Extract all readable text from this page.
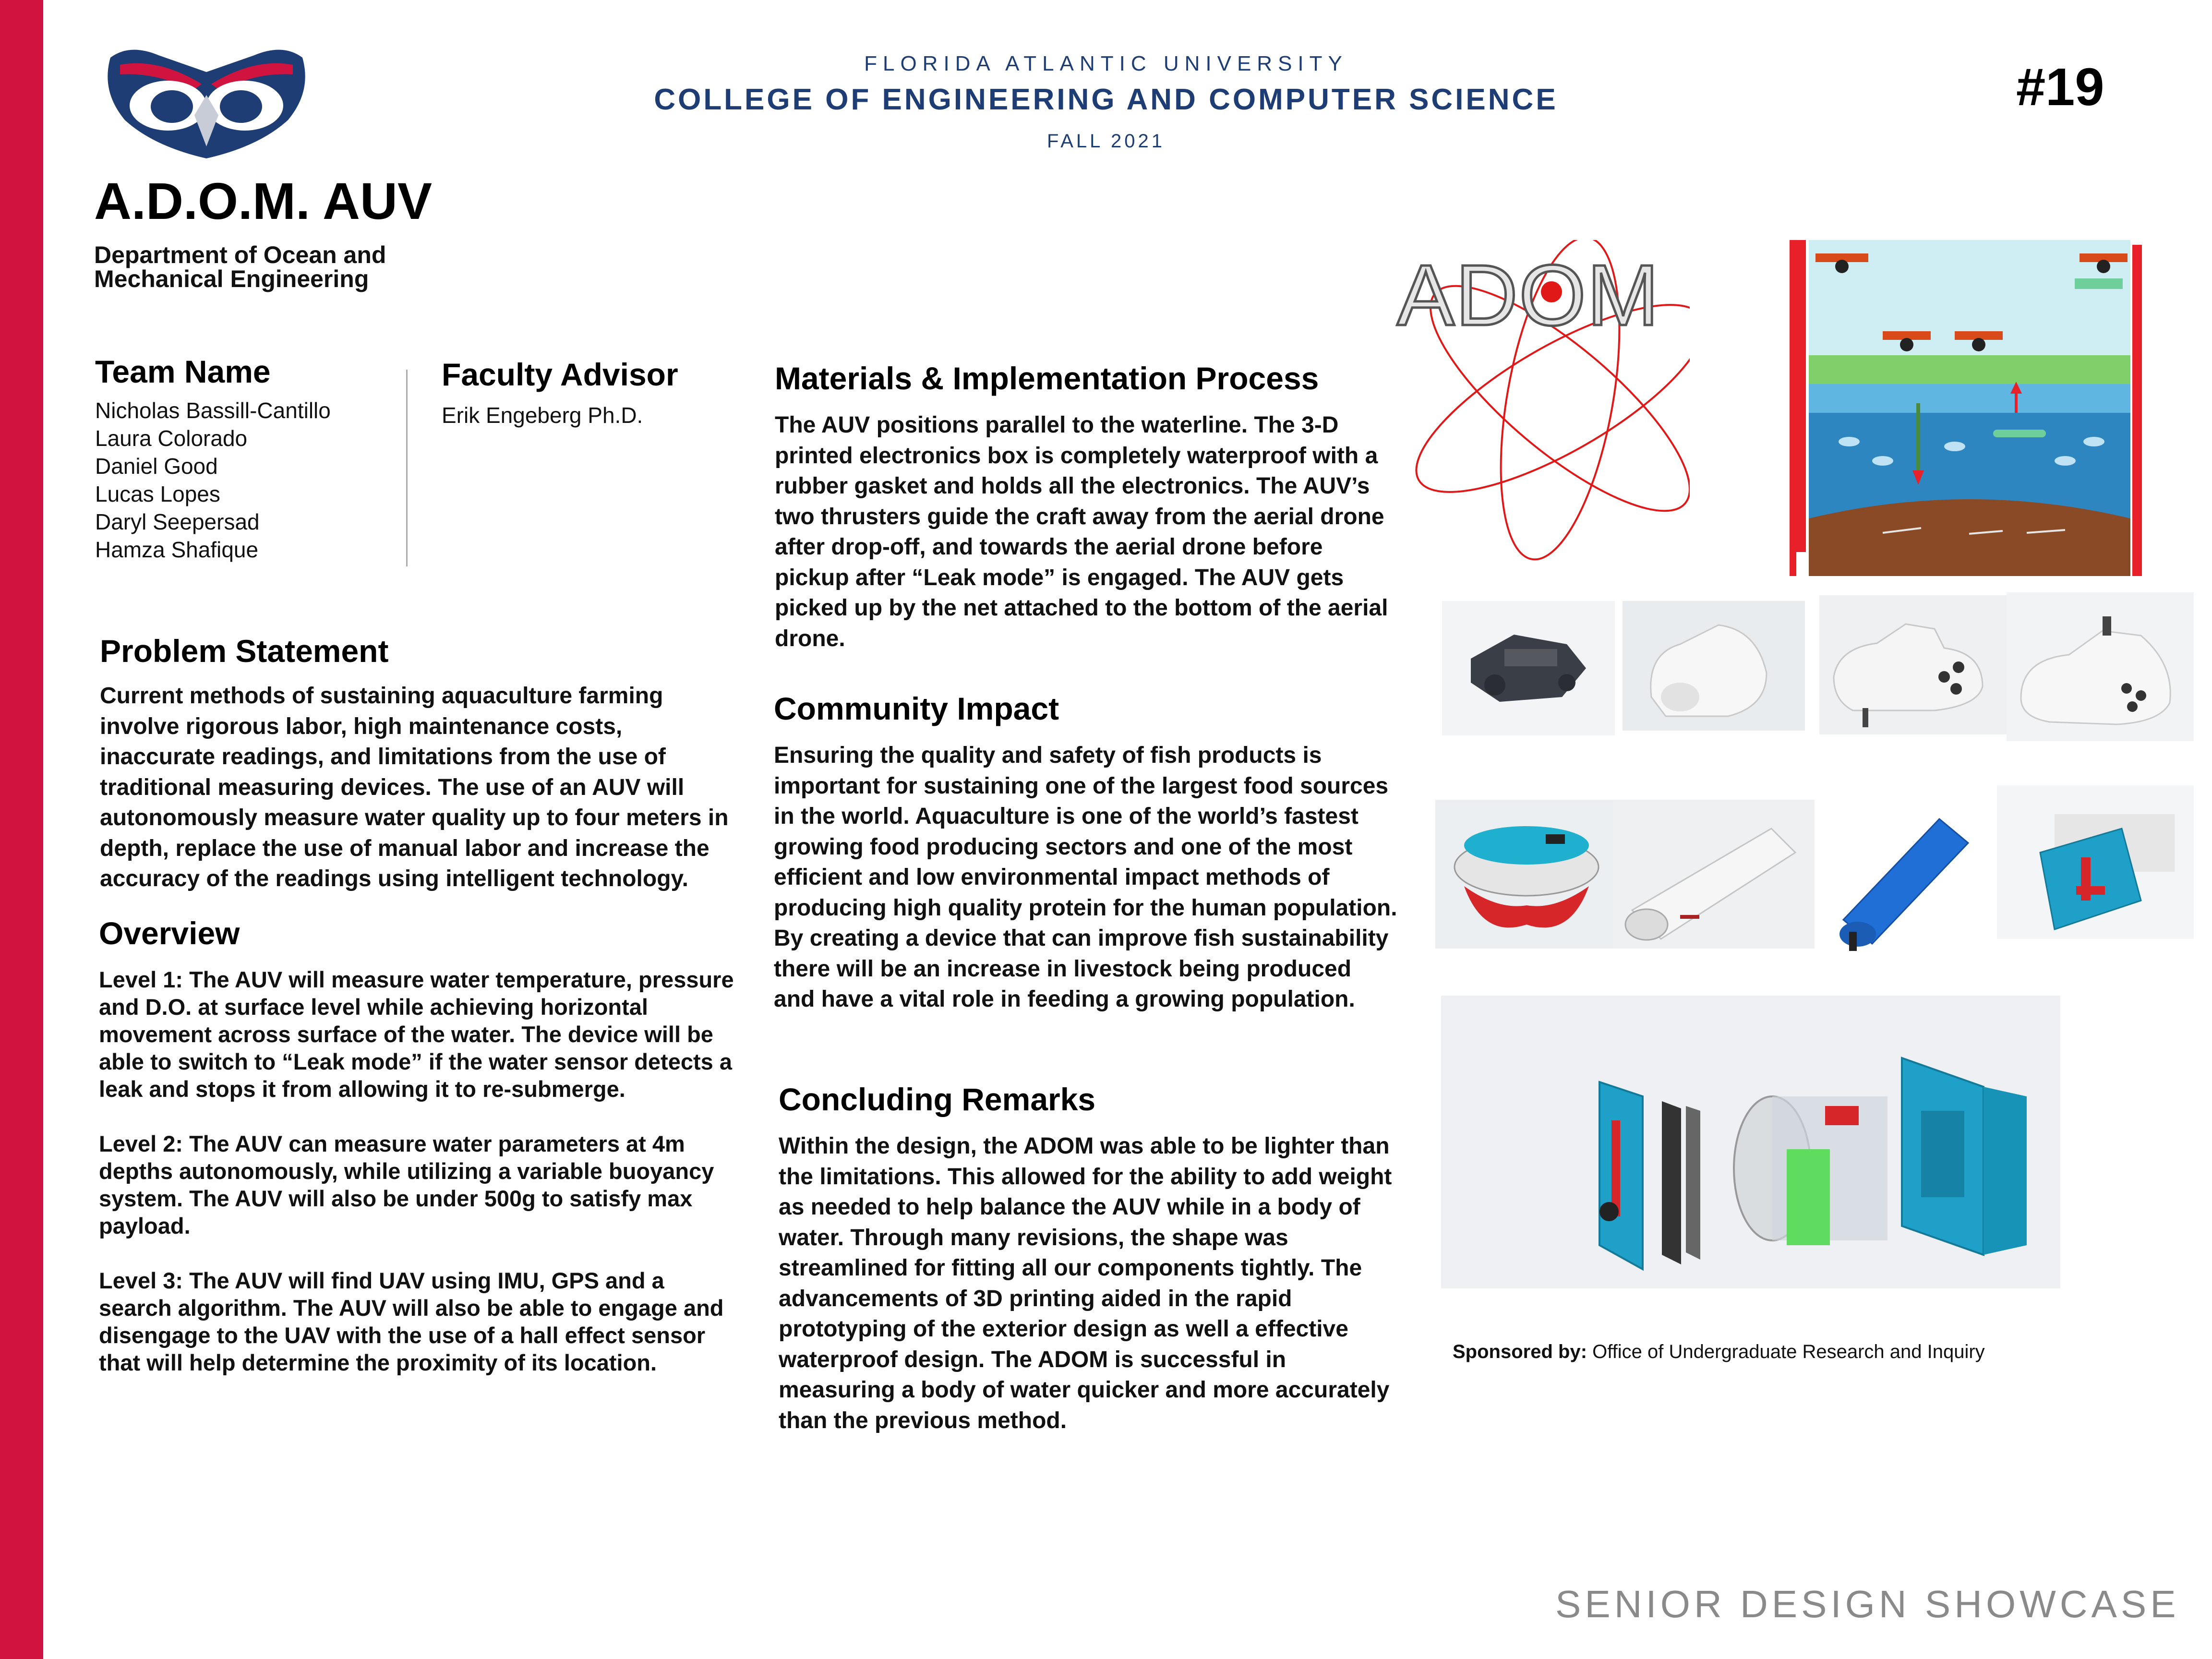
FLORIDA ATLANTIC UNIVERSITY
COLLEGE OF ENGINEERING AND COMPUTER SCIENCE
FALL 2021
#19
A.D.O.M. AUV
Department of Ocean and Mechanical Engineering
Team Name
Nicholas Bassill-Cantillo
Laura Colorado
Daniel Good
Lucas Lopes
Daryl Seepersad
Hamza Shafique
Faculty Advisor
Erik Engeberg Ph.D.
Problem Statement
Current methods of sustaining aquaculture farming involve rigorous labor, high maintenance costs, inaccurate readings, and limitations from the use of traditional measuring devices. The use of an AUV will autonomously measure water quality up to four meters in depth, replace the use of manual labor and increase the accuracy of the readings using intelligent technology.
Overview
Level 1: The AUV will measure water temperature, pressure and D.O. at surface level while achieving horizontal movement across surface of the water. The device will be able to switch to “Leak mode” if the water sensor detects a leak and stops it from allowing it to re-submerge.
Level 2: The AUV can measure water parameters at 4m depths autonomously, while utilizing a variable buoyancy system. The AUV will also be under 500g to satisfy max payload.
Level 3: The AUV will find UAV using IMU, GPS and a search algorithm. The AUV will also be able to engage and disengage to the UAV with the use of a hall effect sensor that will help determine the proximity of its location.
Materials & Implementation Process
The AUV positions parallel to the waterline. The 3-D printed electronics box is completely waterproof with a rubber gasket and holds all the electronics. The AUV’s two thrusters guide the craft away from the aerial drone after drop-off, and towards the aerial drone before pickup after “Leak mode” is engaged. The AUV gets picked up by the net attached to the bottom of the aerial drone.
Community Impact
Ensuring the quality and safety of fish products is important for sustaining one of the largest food sources in the world. Aquaculture is one of the world’s fastest growing food producing sectors and one of the most efficient and low environmental impact methods of producing high quality protein for the human population. By creating a device that can improve fish sustainability there will be an increase in livestock being produced and have a vital role in feeding a growing population.
Concluding Remarks
Within the design, the ADOM was able to be lighter than the limitations. This allowed for the ability to add weight as needed to help balance the AUV while in a body of water. Through many revisions, the shape was streamlined for fitting all our components tightly. The advancements of 3D printing aided in the rapid prototyping of the exterior design as well a effective waterproof design. The ADOM is successful in measuring a body of water quicker and more accurately than the previous method.
ADOM
Sponsored by: Office of Undergraduate Research and Inquiry
SENIOR DESIGN SHOWCASE
